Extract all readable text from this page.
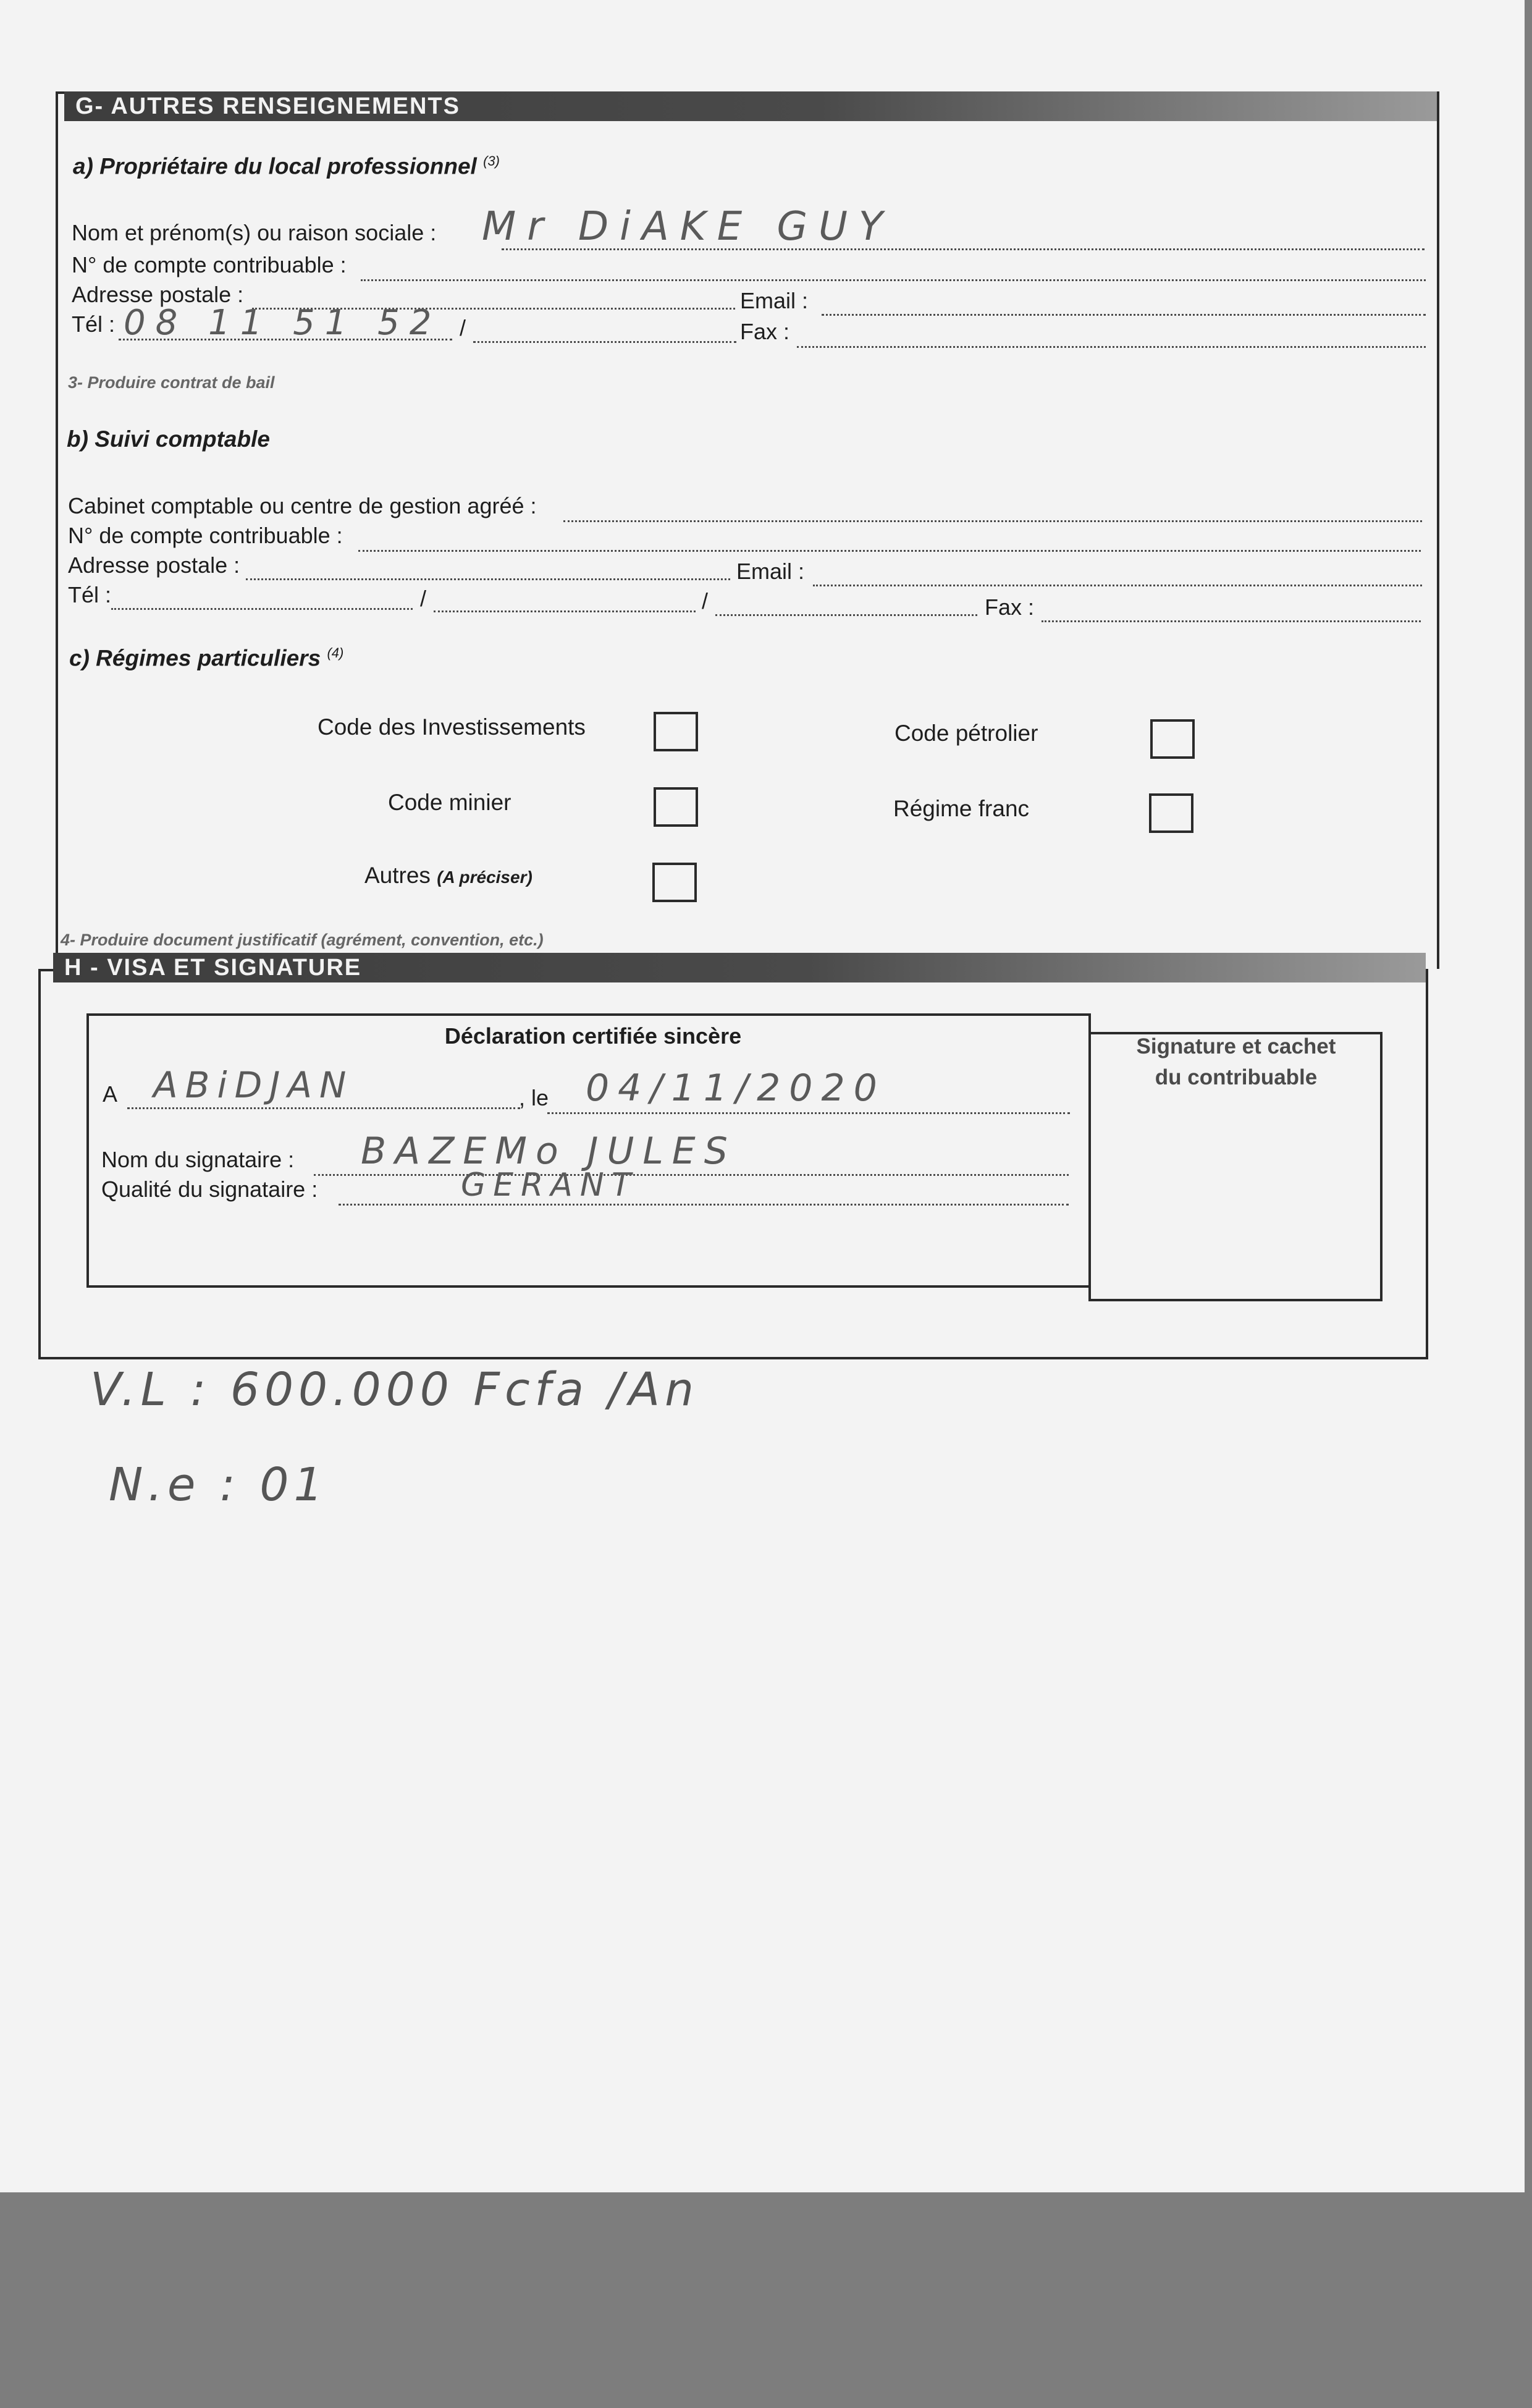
G- AUTRES RENSEIGNEMENTS
a) Propriétaire du local professionnel $^{(3)}$
Nom et prénom(s) ou raison sociale : Mr DiAKE GUY
N° de compte contribuable :
Adresse postale :	Email :
Tél : 08 11 51 52 /	Fax :
3- Produire contrat de bail
b) Suivi comptable
Cabinet comptable ou centre de gestion agréé :
N° de compte contribuable :
Adresse postale :	Email :
Tél :	/	/	Fax :
c) Régimes particuliers $^{(4)}$
Code des Investissements	Code pétrolier
Code minier	Régime franc
Autres (A préciser)
4- Produire document justificatif (agrément, convention, etc.)
H - VISA ET SIGNATURE
Déclaration certifiée sincère
A ABiDJAN	, le 04/11/2020
Nom du signataire : BAZEMo JULES
Qualité du signataire :	GERANT
Signature et cachet
du contribuable
V.L : 600.000 Fcfa /An
N.e : 01
